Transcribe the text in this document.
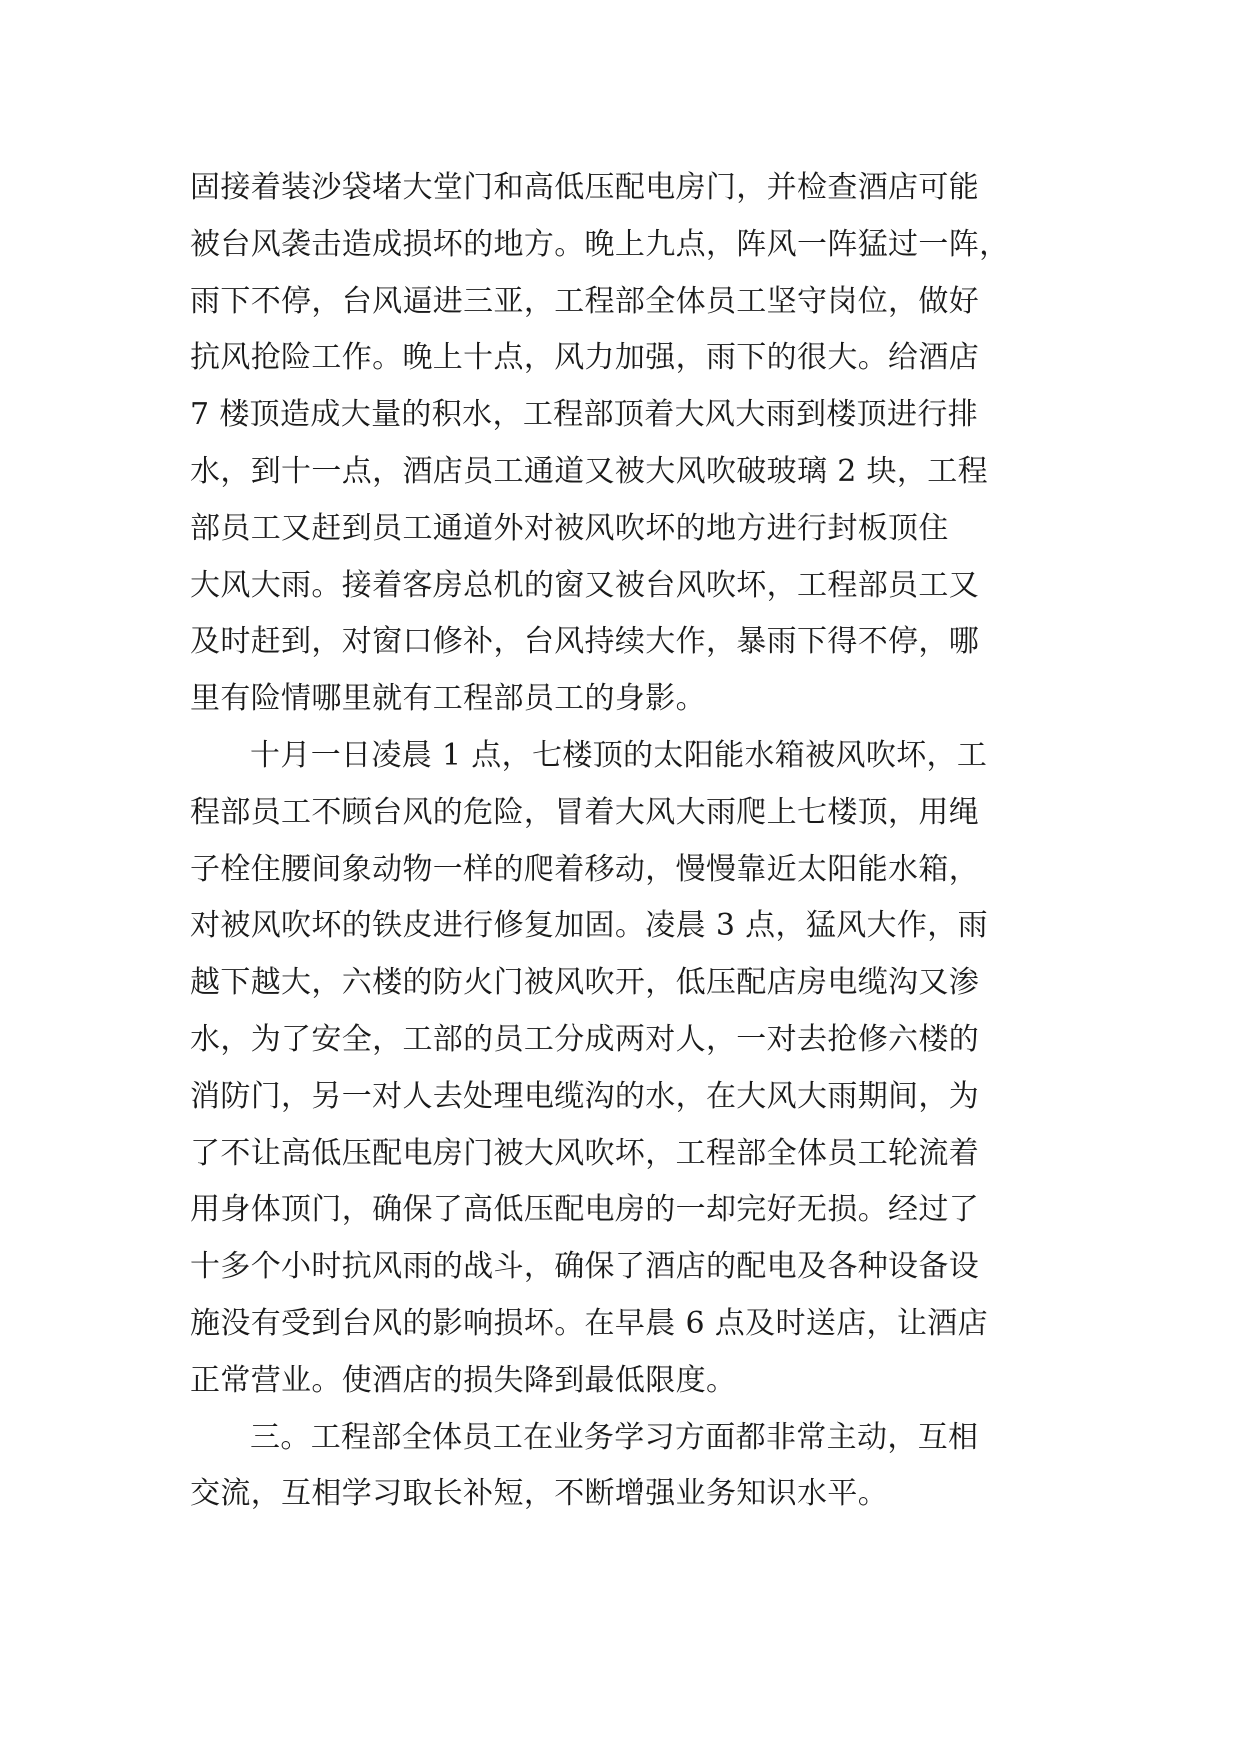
固接着装沙袋堵大堂门和高低压配电房门，并检查酒店可能
被台风袭击造成损坏的地方。晚上九点，阵风一阵猛过一阵，
雨下不停，台风逼进三亚，工程部全体员工坚守岗位，做好
抗风抢险工作。晚上十点，风力加强，雨下的很大。给酒店
7 楼顶造成大量的积水，工程部顶着大风大雨到楼顶进行排
水，到十一点，酒店员工通道又被大风吹破玻璃 2 块，工程
部员工又赶到员工通道外对被风吹坏的地方进行封板顶住
大风大雨。接着客房总机的窗又被台风吹坏，工程部员工又
及时赶到，对窗口修补，台风持续大作，暴雨下得不停，哪
里有险情哪里就有工程部员工的身影。
十月一日凌晨 1 点，七楼顶的太阳能水箱被风吹坏，工
程部员工不顾台风的危险，冒着大风大雨爬上七楼顶，用绳
子栓住腰间象动物一样的爬着移动，慢慢靠近太阳能水箱，
对被风吹坏的铁皮进行修复加固。凌晨 3 点，猛风大作，雨
越下越大，六楼的防火门被风吹开，低压配店房电缆沟又渗
水，为了安全，工部的员工分成两对人，一对去抢修六楼的
消防门，另一对人去处理电缆沟的水，在大风大雨期间，为
了不让高低压配电房门被大风吹坏，工程部全体员工轮流着
用身体顶门，确保了高低压配电房的一却完好无损。经过了
十多个小时抗风雨的战斗，确保了酒店的配电及各种设备设
施没有受到台风的影响损坏。在早晨 6 点及时送店，让酒店
正常营业。使酒店的损失降到最低限度。
三。工程部全体员工在业务学习方面都非常主动，互相
交流，互相学习取长补短，不断增强业务知识水平。
